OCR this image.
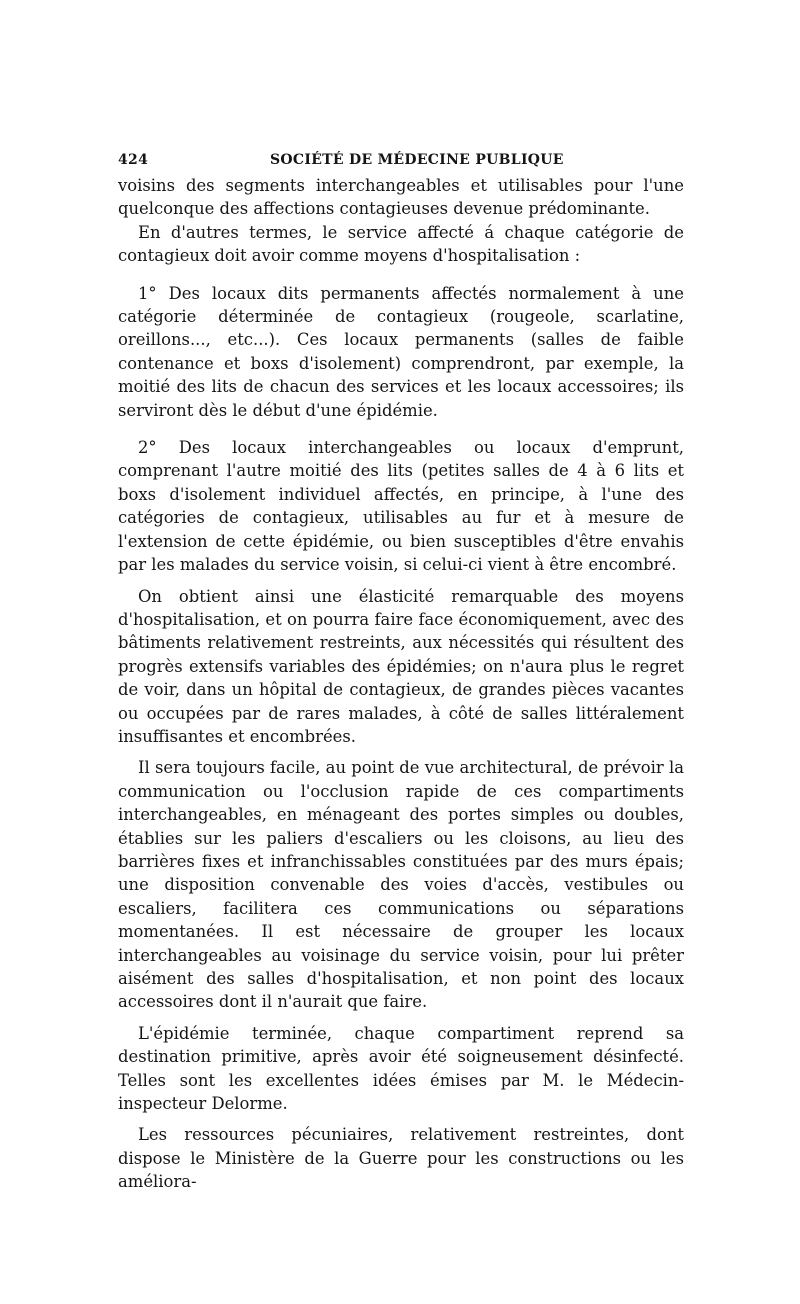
424	SOCIÉTÉ DE MÉDECINE PUBLIQUE

voisins des segments interchangeables et utilisables pour l'une quelconque des affections contagieuses devenue prédominante.

En d'autres termes, le service affecté á chaque catégorie de contagieux doit avoir comme moyens d'hospitalisation :

1° Des locaux dits permanents affectés normalement à une catégorie déterminée de contagieux (rougeole, scarlatine, oreillons..., etc...). Ces locaux permanents (salles de faible contenance et boxs d'isolement) comprendront, par exemple, la moitié des lits de chacun des services et les locaux accessoires; ils serviront dès le début d'une épidémie.

2° Des locaux interchangeables ou locaux d'emprunt, comprenant l'autre moitié des lits (petites salles de 4 à 6 lits et boxs d'isolement individuel affectés, en principe, à l'une des catégories de contagieux, utilisables au fur et à mesure de l'extension de cette épidémie, ou bien susceptibles d'être envahis par les malades du service voisin, si celui-ci vient à être encombré.

On obtient ainsi une élasticité remarquable des moyens d'hospitalisation, et on pourra faire face économiquement, avec des bâtiments relativement restreints, aux nécessités qui résultent des progrès extensifs variables des épidémies; on n'aura plus le regret de voir, dans un hôpital de contagieux, de grandes pièces vacantes ou occupées par de rares malades, à côté de salles littéralement insuffisantes et encombrées.

Il sera toujours facile, au point de vue architectural, de prévoir la communication ou l'occlusion rapide de ces compartiments interchangeables, en ménageant des portes simples ou doubles, établies sur les paliers d'escaliers ou les cloisons, au lieu des barrières fixes et infranchissables constituées par des murs épais; une disposition convenable des voies d'accès, vestibules ou escaliers, facilitera ces communications ou séparations momentanées. Il est nécessaire de grouper les locaux interchangeables au voisinage du service voisin, pour lui prêter aisément des salles d'hospitalisation, et non point des locaux accessoires dont il n'aurait que faire.

L'épidémie terminée, chaque compartiment reprend sa destination primitive, après avoir été soigneusement désinfecté. Telles sont les excellentes idées émises par M. le Médecin-inspecteur Delorme.

Les ressources pécuniaires, relativement restreintes, dont dispose le Ministère de la Guerre pour les constructions ou les améliora-
